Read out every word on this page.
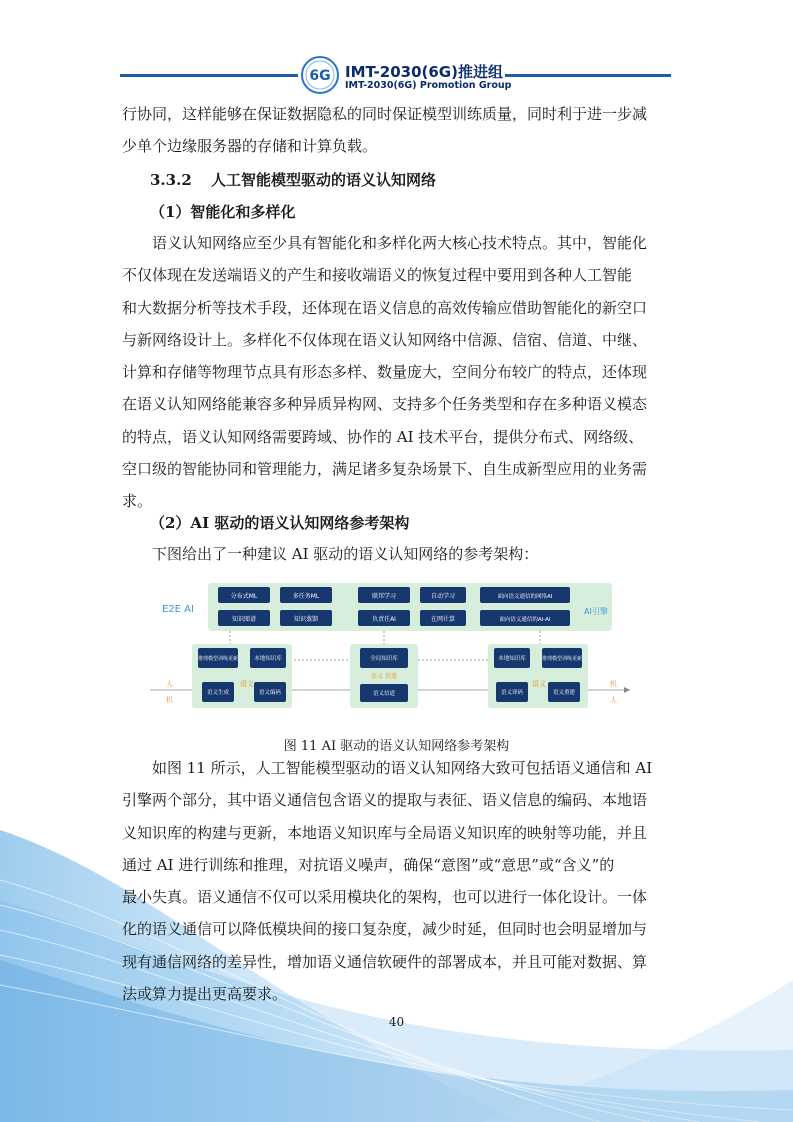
6G IMT-2030(6G)推进组
IMT-2030(6G) Promotion Group
行协同，这样能够在保证数据隐私的同时保证模型训练质量，同时利于进一步减
少单个边缘服务器的存储和计算负载。
3.3.2 人工智能模型驱动的语义认知网络
（1）智能化和多样化
语义认知网络应至少具有智能化和多样化两大核心技术特点。其中，智能化
不仅体现在发送端语义的产生和接收端语义的恢复过程中要用到各种人工智能
和大数据分析等技术手段，还体现在语义信息的高效传输应借助智能化的新空口
与新网络设计上。多样化不仅体现在语义认知网络中信源、信宿、信道、中继、
计算和存储等物理节点具有形态多样、数量庞大，空间分布较广的特点，还体现
在语义认知网络能兼容多种异质异构网、支持多个任务类型和存在多种语义模态
的特点，语义认知网络需要跨域、协作的 AI 技术平台，提供分布式、网络级、
空口级的智能协同和管理能力，满足诸多复杂场景下、自生成新型应用的业务需
求。
（2）AI 驱动的语义认知网络参考架构
下图给出了一种建议 AI 驱动的语义认知网络的参考架构：
E2E AI	AI引擎
分布式ML	多任务ML	联邦学习	自动学习	面向语义通信的网络AI
知识图谱	知识蒸馏	负责任AI	在网计算	面向语义通信的AI-AI
推理模型训练更新	本地知识库
语义生成	语义编码
语义
全局知识库
语义信道
语义 信道
本地知识库	推理模型训练更新
语义译码	语义重建
语义
人
机
机
人
图 11 AI 驱动的语义认知网络参考架构
如图 11 所示，人工智能模型驱动的语义认知网络大致可包括语义通信和 AI
引擎两个部分，其中语义通信包含语义的提取与表征、语义信息的编码、本地语
义知识库的构建与更新，本地语义知识库与全局语义知识库的映射等功能，并且
通过 AI 进行训练和推理，对抗语义噪声，确保“意图”或“意思”或“含义”的
最小失真。语义通信不仅可以采用模块化的架构，也可以进行一体化设计。一体
化的语义通信可以降低模块间的接口复杂度，减少时延，但同时也会明显增加与
现有通信网络的差异性，增加语义通信软硬件的部署成本，并且可能对数据、算
法或算力提出更高要求。
40
